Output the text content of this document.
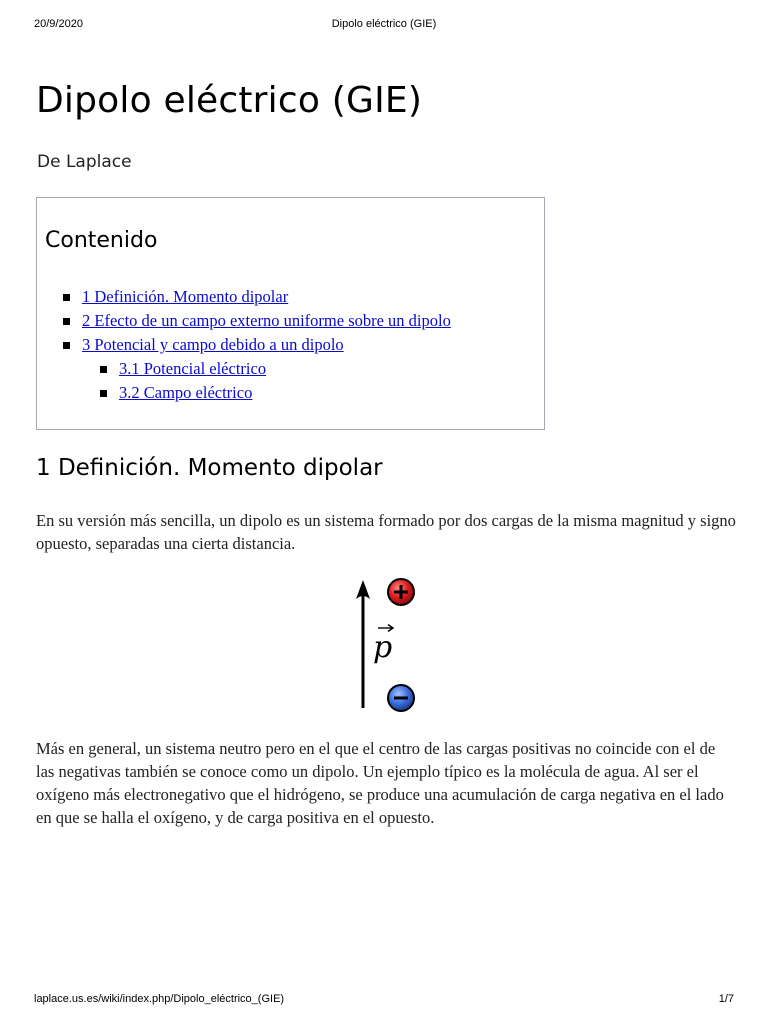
20/9/2020	Dipolo eléctrico (GIE)
Dipolo eléctrico (GIE)
De Laplace
Contenido
1 Definición. Momento dipolar
2 Efecto de un campo externo uniforme sobre un dipolo
3 Potencial y campo debido a un dipolo
3.1 Potencial eléctrico
3.2 Campo eléctrico
1 Definición. Momento dipolar

En su versión más sencilla, un dipolo es un sistema formado por dos cargas de la misma magnitud y signo opuesto, separadas una cierta distancia.

p

Más en general, un sistema neutro pero en el que el centro de las cargas positivas no coincide con el de las negativas también se conoce como un dipolo. Un ejemplo típico es la molécula de agua. Al ser el oxígeno más electronegativo que el hidrógeno, se produce una acumulación de carga negativa en el lado en que se halla el oxígeno, y de carga positiva en el opuesto.

laplace.us.es/wiki/index.php/Dipolo_eléctrico_(GIE)	1/7
